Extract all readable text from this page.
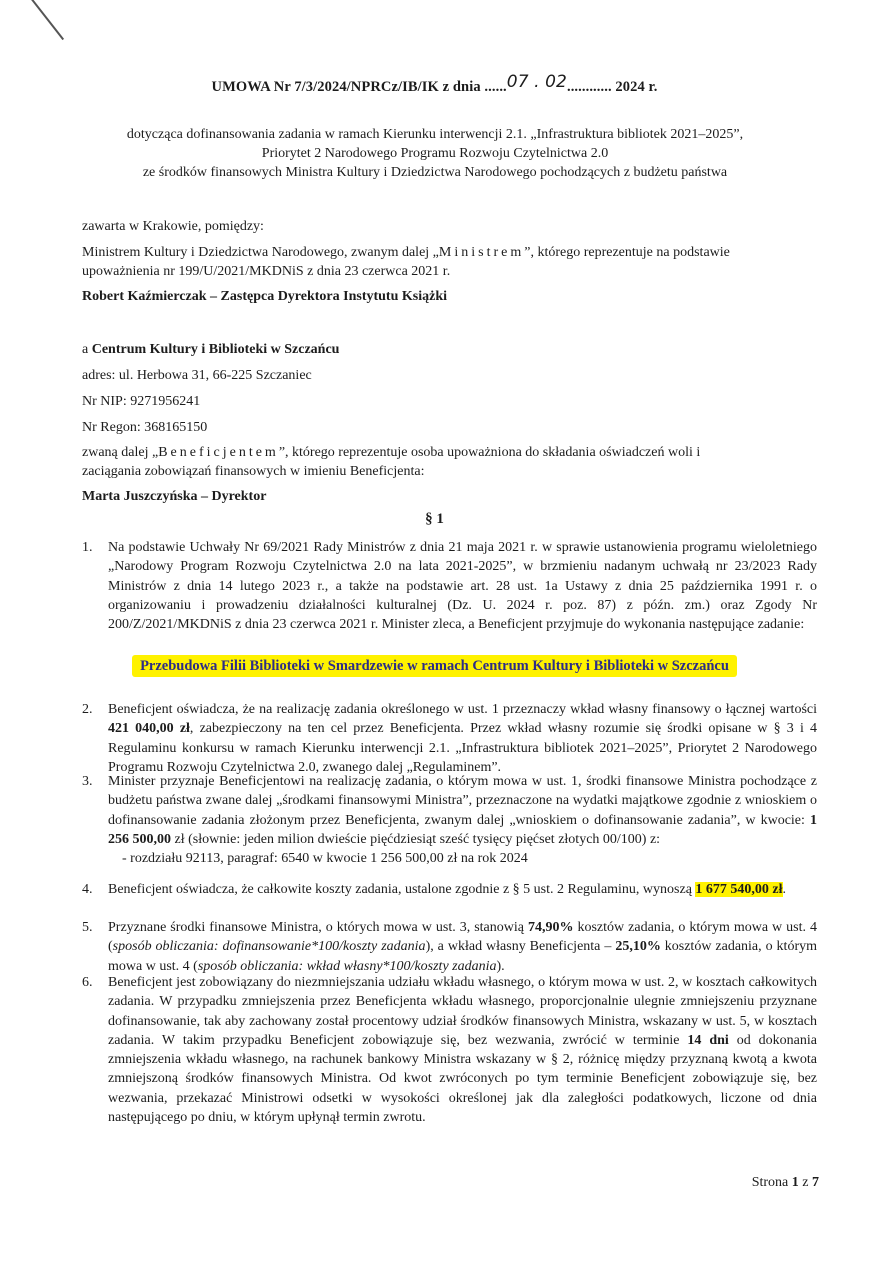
UMOWA Nr 7/3/2024/NPRCz/IB/IK z dnia ......07 . 02............ 2024 r.
dotycząca dofinansowania zadania w ramach Kierunku interwencji 2.1. „Infrastruktura bibliotek 2021–2025”,
Priorytet 2 Narodowego Programu Rozwoju Czytelnictwa 2.0
ze środków finansowych Ministra Kultury i Dziedzictwa Narodowego pochodzących z budżetu państwa
zawarta w Krakowie, pomiędzy:
Ministrem Kultury i Dziedzictwa Narodowego, zwanym dalej „Ministrem”, którego reprezentuje na podstawie
upoważnienia nr 199/U/2021/MKDNiS z dnia 23 czerwca 2021 r.
Robert Kaźmierczak – Zastępca Dyrektora Instytutu Książki
a Centrum Kultury i Biblioteki w Szczańcu
adres: ul. Herbowa 31, 66-225 Szczaniec
Nr NIP: 9271956241
Nr Regon: 368165150
zwaną dalej „Beneficjentem”, którego reprezentuje osoba upoważniona do składania oświadczeń woli i
zaciągania zobowiązań finansowych w imieniu Beneficjenta:
Marta Juszczyńska – Dyrektor
§ 1
1. Na podstawie Uchwały Nr 69/2021 Rady Ministrów z dnia 21 maja 2021 r. w sprawie ustanowienia programu wieloletniego „Narodowy Program Rozwoju Czytelnictwa 2.0 na lata 2021-2025”, w brzmieniu nadanym uchwałą nr 23/2023 Rady Ministrów z dnia 14 lutego 2023 r., a także na podstawie art. 28 ust. 1a Ustawy z dnia 25 października 1991 r. o organizowaniu i prowadzeniu działalności kulturalnej (Dz. U. 2024 r. poz. 87) z późn. zm.) oraz Zgody Nr 200/Z/2021/MKDNiS z dnia 23 czerwca 2021 r. Minister zleca, a Beneficjent przyjmuje do wykonania następujące zadanie:
Przebudowa Filii Biblioteki w Smardzewie w ramach Centrum Kultury i Biblioteki w Szczańcu
2. Beneficjent oświadcza, że na realizację zadania określonego w ust. 1 przeznaczy wkład własny finansowy o łącznej wartości 421 040,00 zł, zabezpieczony na ten cel przez Beneficjenta. Przez wkład własny rozumie się środki opisane w § 3 i 4 Regulaminu konkursu w ramach Kierunku interwencji 2.1. „Infrastruktura bibliotek 2021–2025”, Priorytet 2 Narodowego Programu Rozwoju Czytelnictwa 2.0, zwanego dalej „Regulaminem”.
3. Minister przyznaje Beneficjentowi na realizację zadania, o którym mowa w ust. 1, środki finansowe Ministra pochodzące z budżetu państwa zwane dalej „środkami finansowymi Ministra”, przeznaczone na wydatki majątkowe zgodnie z wnioskiem o dofinansowanie zadania złożonym przez Beneficjenta, zwanym dalej „wnioskiem o dofinansowanie zadania”, w kwocie: 1 256 500,00 zł (słownie: jeden milion dwieście pięćdziesiąt sześć tysięcy pięćset złotych 00/100) z:
- rozdziału 92113, paragraf: 6540 w kwocie 1 256 500,00 zł na rok 2024
4. Beneficjent oświadcza, że całkowite koszty zadania, ustalone zgodnie z § 5 ust. 2 Regulaminu, wynoszą 1 677 540,00 zł.
5. Przyznane środki finansowe Ministra, o których mowa w ust. 3, stanowią 74,90% kosztów zadania, o którym mowa w ust. 4 (sposób obliczania: dofinansowanie*100/koszty zadania), a wkład własny Beneficjenta – 25,10% kosztów zadania, o którym mowa w ust. 4 (sposób obliczania: wkład własny*100/koszty zadania).
6. Beneficjent jest zobowiązany do niezmniejszania udziału wkładu własnego, o którym mowa w ust. 2, w kosztach całkowitych zadania. W przypadku zmniejszenia przez Beneficjenta wkładu własnego, proporcjonalnie ulegnie zmniejszeniu przyznane dofinansowanie, tak aby zachowany został procentowy udział środków finansowych Ministra, wskazany w ust. 5, w kosztach zadania. W takim przypadku Beneficjent zobowiązuje się, bez wezwania, zwrócić w terminie 14 dni od dokonania zmniejszenia wkładu własnego, na rachunek bankowy Ministra wskazany w § 2, różnicę między przyznaną kwotą a kwota zmniejszoną środków finansowych Ministra. Od kwot zwróconych po tym terminie Beneficjent zobowiązuje się, bez wezwania, przekazać Ministrowi odsetki w wysokości określonej jak dla zaległości podatkowych, liczone od dnia następującego po dniu, w którym upłynął termin zwrotu.
Strona 1 z 7
